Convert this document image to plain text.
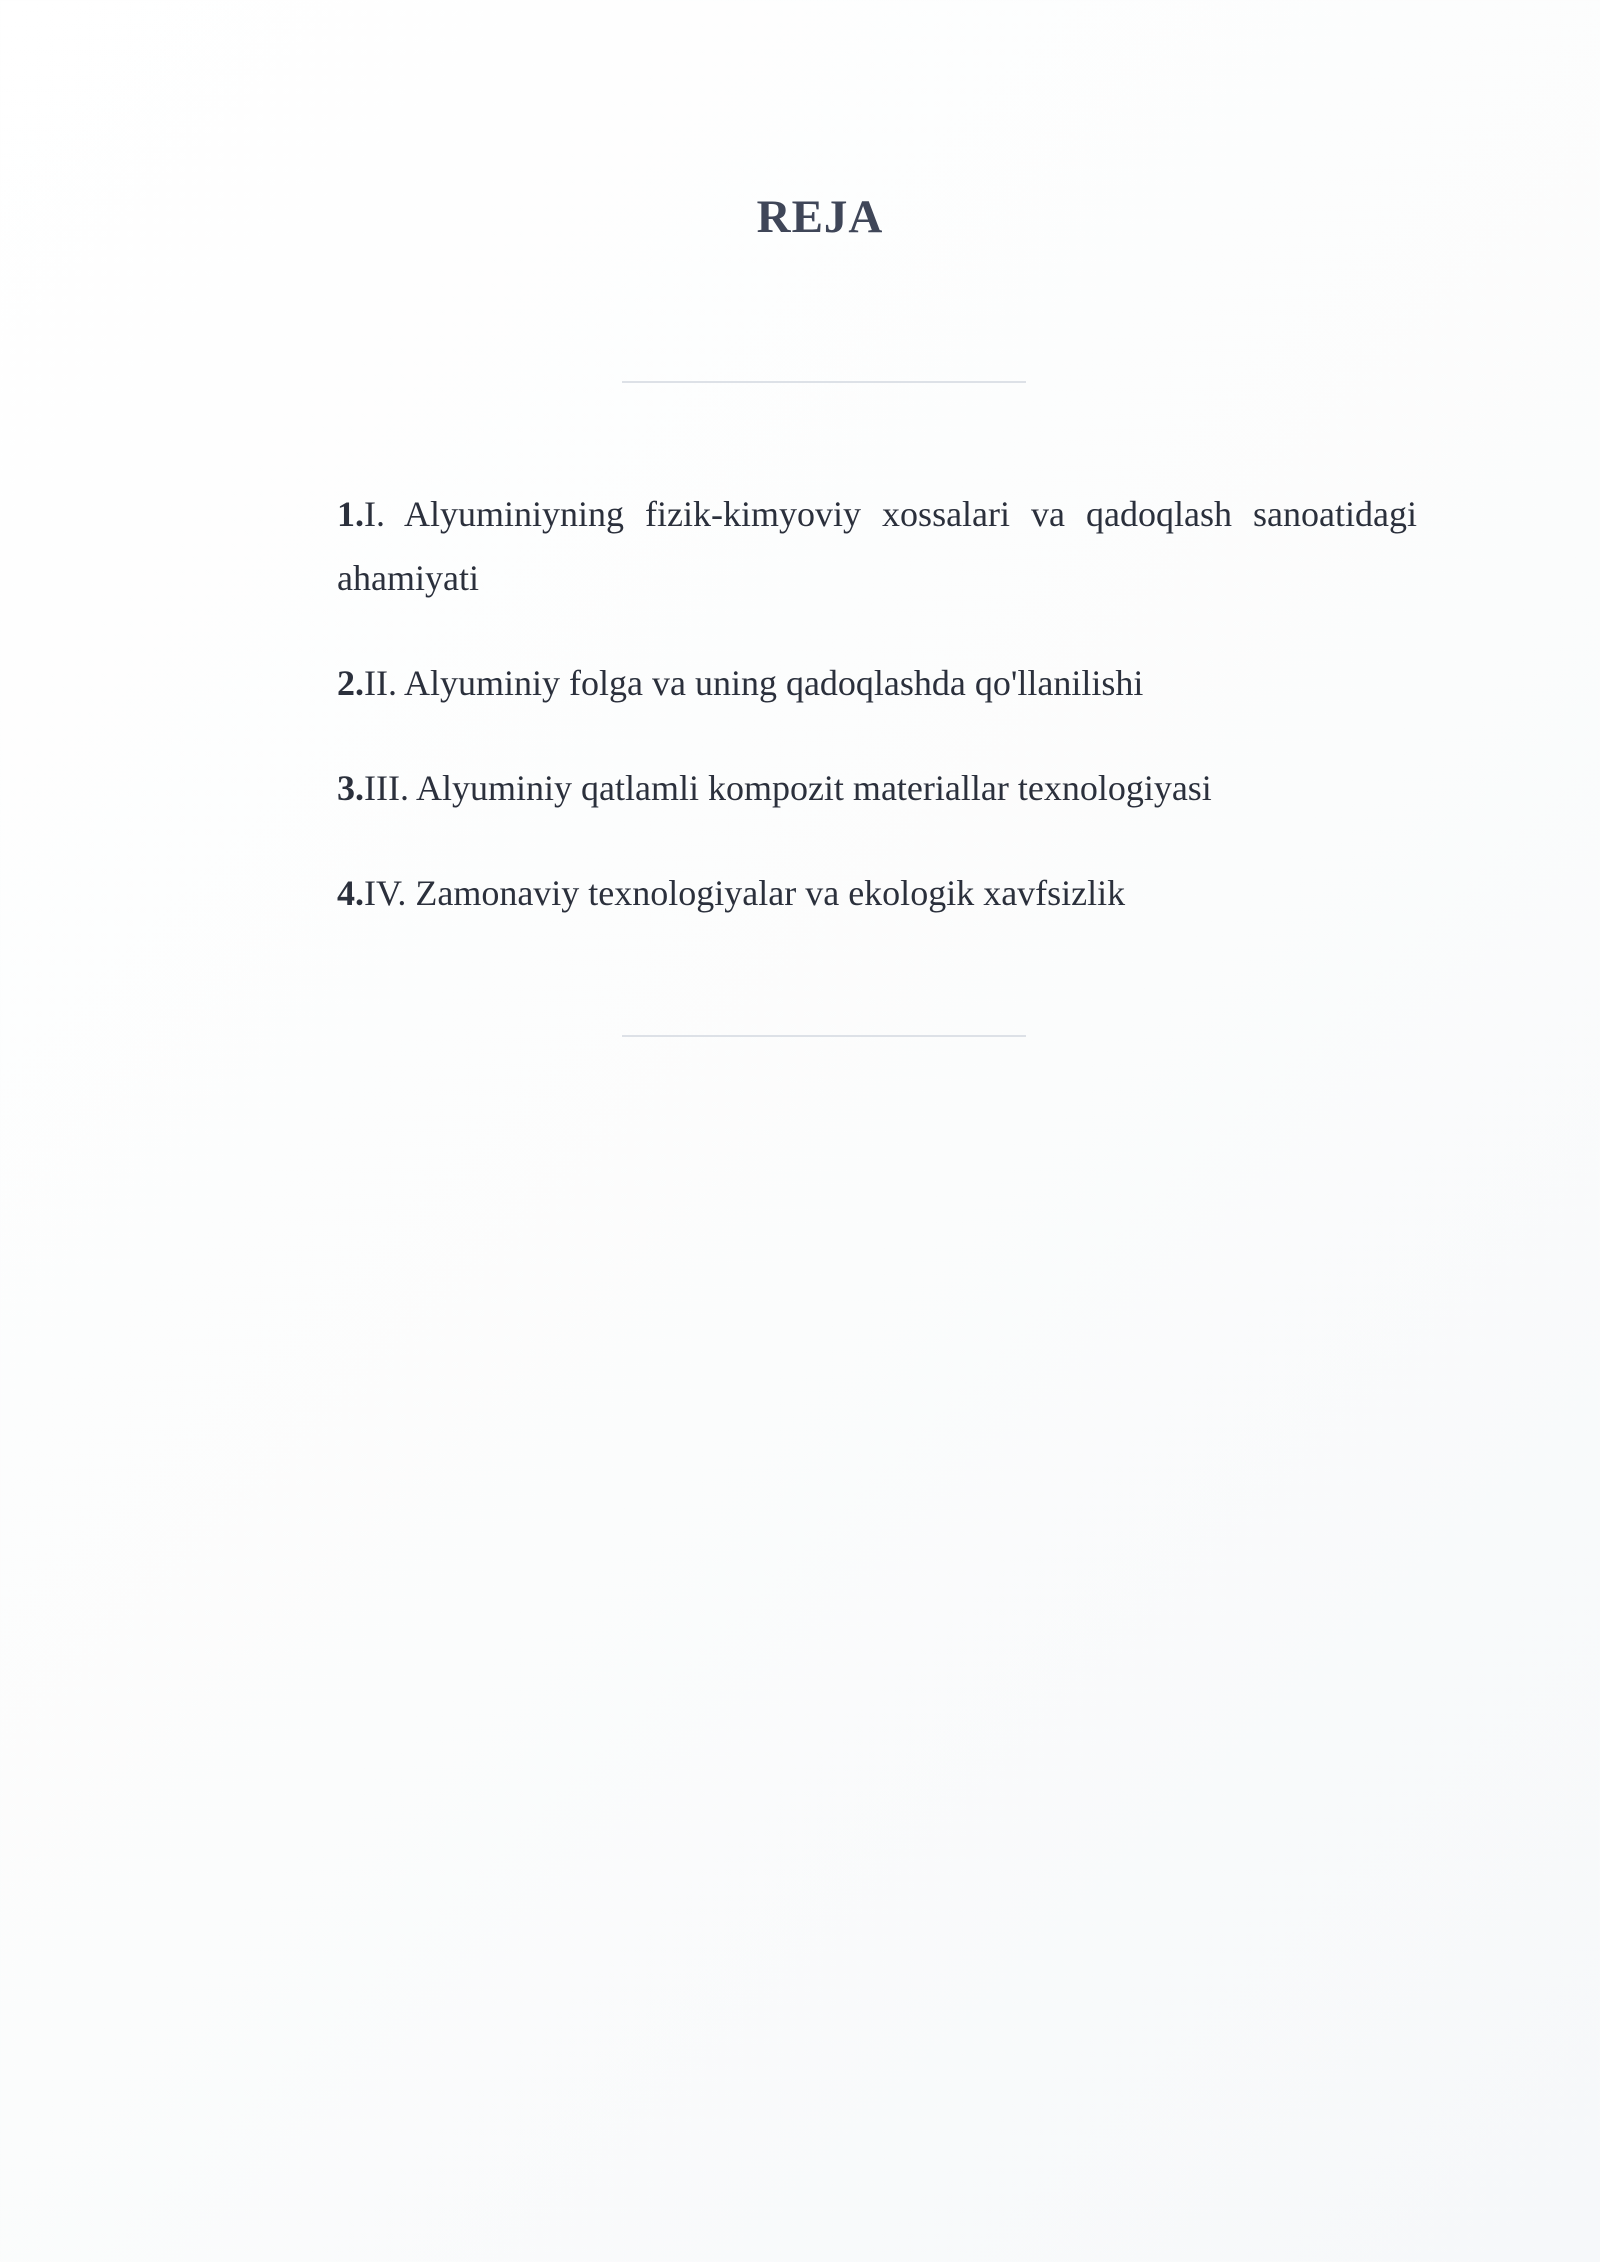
REJA
1.I. Alyuminiyning fizik-kimyoviy xossalari va qadoqlash sanoatidagi ahamiyati
2.II. Alyuminiy folga va uning qadoqlashda qo'llanilishi
3.III. Alyuminiy qatlamli kompozit materiallar texnologiyasi
4.IV. Zamonaviy texnologiyalar va ekologik xavfsizlik
